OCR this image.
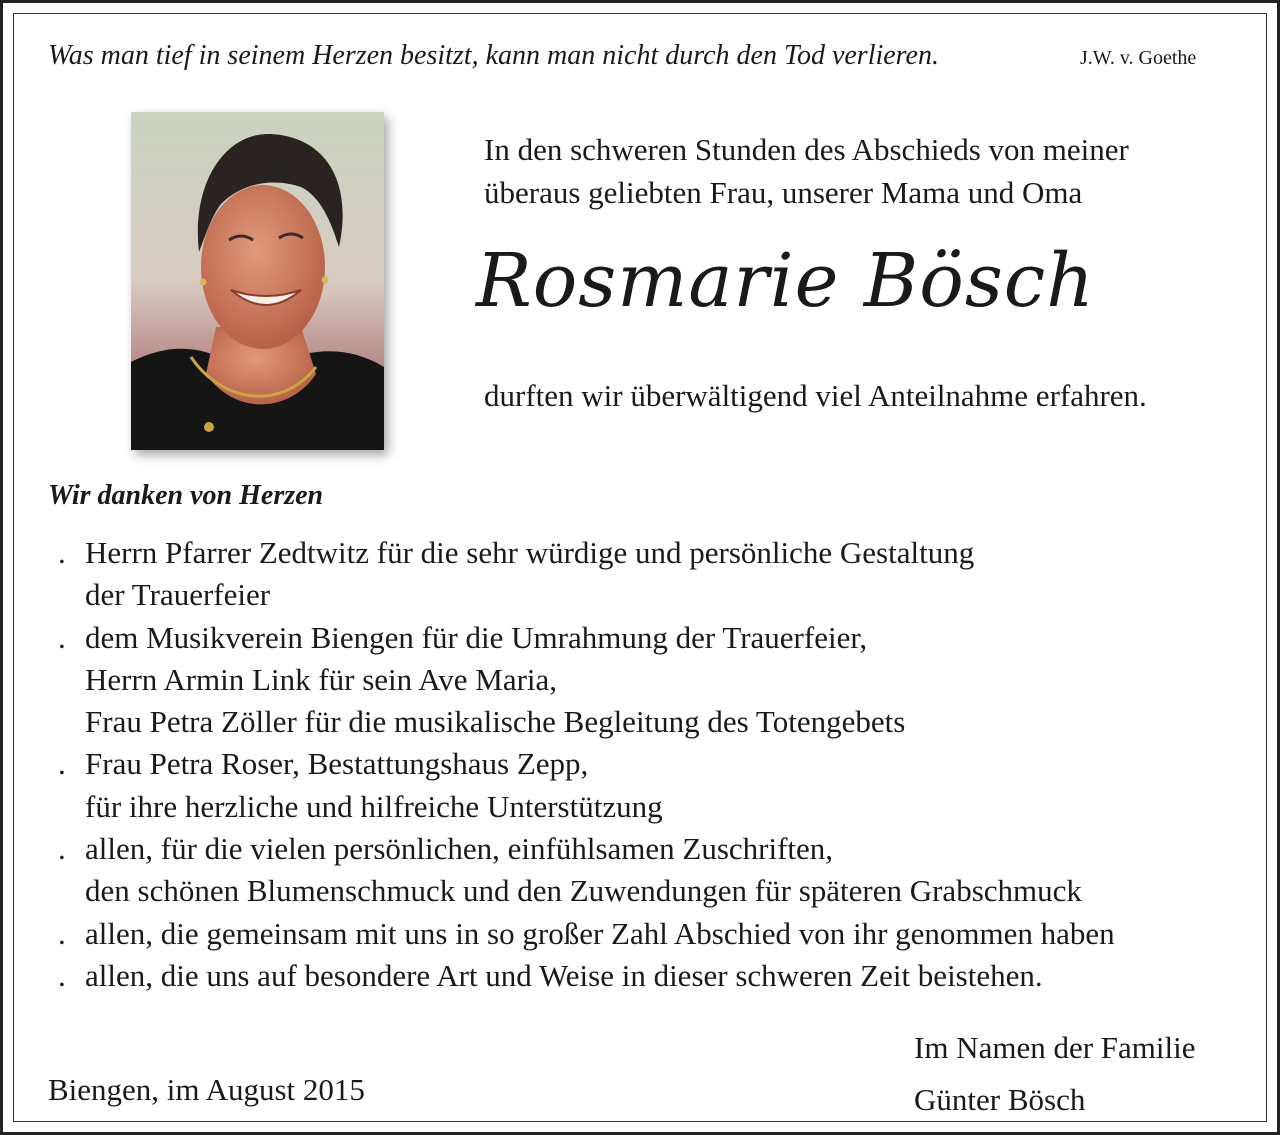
Was man tief in seinem Herzen besitzt, kann man nicht durch den Tod verlieren.	J.W. v. Goethe
In den schweren Stunden des Abschieds von meiner
überaus geliebten Frau, unserer Mama und Oma
Rosmarie Bösch
durften wir überwältigend viel Anteilnahme erfahren.
Wir danken von Herzen
. Herrn Pfarrer Zedtwitz für die sehr würdige und persönliche Gestaltung
der Trauerfeier
. dem Musikverein Biengen für die Umrahmung der Trauerfeier,
Herrn Armin Link für sein Ave Maria,
Frau Petra Zöller für die musikalische Begleitung des Totengebets
. Frau Petra Roser, Bestattungshaus Zepp,
für ihre herzliche und hilfreiche Unterstützung
. allen, für die vielen persönlichen, einfühlsamen Zuschriften,
den schönen Blumenschmuck und den Zuwendungen für späteren Grabschmuck
. allen, die gemeinsam mit uns in so großer Zahl Abschied von ihr genommen haben
. allen, die uns auf besondere Art und Weise in dieser schweren Zeit beistehen.
Im Namen der Familie
Günter Bösch
Biengen, im August 2015
